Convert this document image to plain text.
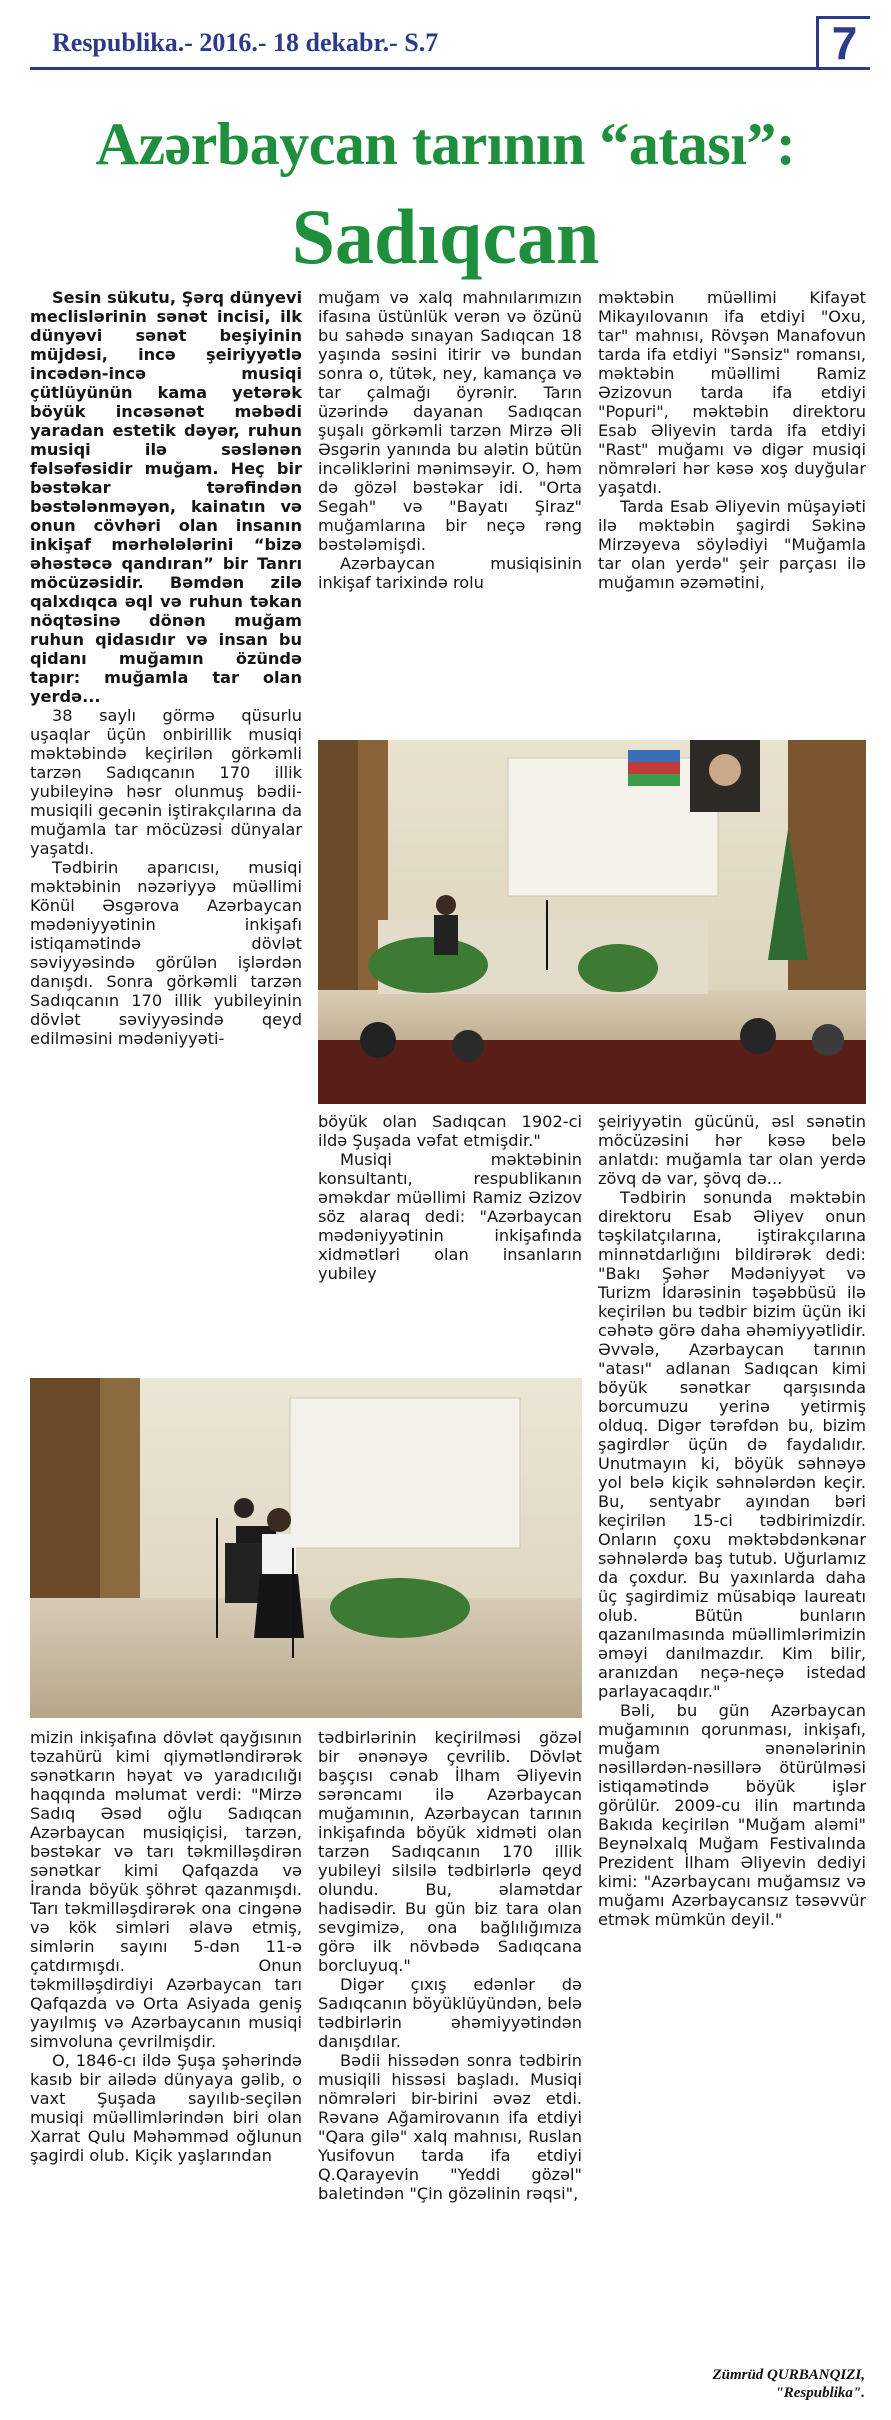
Respublika.- 2016.- 18 dekabr.- S.7	7
Azərbaycan tarının “atası”:
Sadıqcan

Sesin sükutu, Şərq dünyevi meclislərinin sənət incisi, ilk dünyəvi sənət beşiyinin müjdəsi, incə şeiriyyətlə incədən-incə musiqi çütlüyünün kama yetərək böyük incəsənət məbədi yaradan estetik dəyər, ruhun musiqi ilə səslənən fəlsəfəsidir muğam. Heç bir bəstəkar tərəfindən bəstələnməyən, kainatın və onun cövhəri olan insanın inkişaf mərhələlərini “bizə əhəstəcə qandıran” bir Tanrı möcüzəsidir. Bəmdən zilə qalxdıqca əql və ruhun təkan nöqtəsinə dönən muğam ruhun qidasıdır və insan bu qidanı muğamın özündə tapır: muğamla tar olan yerdə...

38 saylı görmə qüsurlu uşaqlar üçün onbirillik musiqi məktəbində keçirilən görkəmli tarzən Sadıqcanın 170 illik yubileyinə həsr olunmuş bədii-musiqili gecənin iştirakçılarına da muğamla tar möcüzəsi dünyalar yaşatdı.

Tədbirin aparıcısı, musiqi məktəbinin nəzəriyyə müəllimi Könül Əsgərova Azərbaycan mədəniyyətinin inkişafı istiqamətində dövlət səviyyəsində görülən işlərdən danışdı. Sonra görkəmli tarzən Sadıqcanın 170 illik yubileyinin dövlət səviyyəsində qeyd edilməsini mədəniyyəti-

muğam və xalq mahnılarımızın ifasına üstünlük verən və özünü bu sahədə sınayan Sadıqcan 18 yaşında səsini itirir və bundan sonra o, tütək, ney, kamança və tar çalmağı öyrənir. Tarın üzərində dayanan Sadıqcan şuşalı görkəmli tarzən Mirzə Əli Əsgərin yanında bu alətin bütün incəliklərini mənimsəyir. O, həm də gözəl bəstəkar idi. "Orta Segah" və "Bayatı Şiraz" muğamlarına bir neçə rəng bəstələmişdi.

Azərbaycan musiqisinin inkişaf tarixində rolu

məktəbin müəllimi Kifayət Mikayılovanın ifa etdiyi "Oxu, tar" mahnısı, Rövşən Manafovun tarda ifa etdiyi "Sənsiz" romansı, məktəbin müəllimi Ramiz Əzizovun tarda ifa etdiyi "Popuri", məktəbin direktoru Esab Əliyevin tarda ifa etdiyi "Rast" muğamı və digər musiqi nömrələri hər kəsə xoş duyğular yaşatdı.

Tarda Esab Əliyevin müşayiəti ilə məktəbin şagirdi Səkinə Mirzəyeva söylədiyi "Muğamla tar olan yerdə" şeir parçası ilə muğamın əzəmətini,

böyük olan Sadıqcan 1902-ci ildə Şuşada vəfat etmişdir."

Musiqi məktəbinin konsultantı, respublikanın əməkdar müəllimi Ramiz Əzizov söz alaraq dedi: "Azərbaycan mədəniyyətinin inkişafında xidmətləri olan insanların yubiley

şeiriyyətin gücünü, əsl sənətin möcüzəsini hər kəsə belə anlatdı: muğamla tar olan yerdə zövq də var, şövq də...

Tədbirin sonunda məktəbin direktoru Esab Əliyev onun təşkilatçılarına, iştirakçılarına minnətdarlığını bildirərək dedi: "Bakı Şəhər Mədəniyyət və Turizm İdarəsinin təşəbbüsü ilə keçirilən bu tədbir bizim üçün iki cəhətə görə daha əhəmiyyətlidir. Əvvələ, Azərbaycan tarının "atası" adlanan Sadıqcan kimi böyük sənətkar qarşısında borcumuzu yerinə yetirmiş olduq. Digər tərəfdən bu, bizim şagirdlər üçün də faydalıdır. Unutmayın ki, böyük səhnəyə yol belə kiçik səhnələrdən keçir. Bu, sentyabr ayından bəri keçirilən 15-ci tədbirimizdir. Onların çoxu məktəbdənkənar səhnələrdə baş tutub. Uğurlamız da çoxdur. Bu yaxınlarda daha üç şagirdimiz müsabiqə laureatı olub. Bütün bunların qazanılmasında müəllimlərimizin əməyi danılmazdır. Kim bilir, aranızdan neçə-neçə istedad parlayacaqdır."

Bəli, bu gün Azərbaycan muğamının qorunması, inkişafı, muğam ənənələrinin nəsillərdən-nəsillərə ötürülməsi istiqamətində böyük işlər görülür. 2009-cu ilin martında Bakıda keçirilən "Muğam aləmi" Beynəlxalq Muğam Festivalında Prezident İlham Əliyevin dediyi kimi: "Azərbaycanı muğamsız və muğamı Azərbaycansız təsəvvür etmək mümkün deyil."

mizin inkişafına dövlət qayğısının təzahürü kimi qiymətləndirərək sənətkarın həyat və yaradıcılığı haqqında məlumat verdi: "Mirzə Sadıq Əsəd oğlu Sadıqcan Azərbaycan musiqiçisi, tarzən, bəstəkar və tarı təkmilləşdirən sənətkar kimi Qafqazda və İranda böyük şöhrət qazanmışdı. Tarı təkmilləşdirərək ona cingənə və kök simləri əlavə etmiş, simlərin sayını 5-dən 11-ə çatdırmışdı. Onun təkmilləşdirdiyi Azərbaycan tarı Qafqazda və Orta Asiyada geniş yayılmış və Azərbaycanın musiqi simvoluna çevrilmişdir.

O, 1846-cı ildə Şuşa şəhərində kasıb bir ailədə dünyaya gəlib, o vaxt Şuşada sayılıb-seçilən musiqi müəllimlərindən biri olan Xarrat Qulu Məhəmməd oğlunun şagirdi olub. Kiçik yaşlarından

tədbirlərinin keçirilməsi gözəl bir ənənəyə çevrilib. Dövlət başçısı cənab İlham Əliyevin sərəncamı ilə Azərbaycan muğamının, Azərbaycan tarının inkişafında böyük xidməti olan tarzən Sadıqcanın 170 illik yubileyi silsilə tədbirlərlə qeyd olundu. Bu, əlamətdar hadisədir. Bu gün biz tara olan sevgimizə, ona bağlılığımıza görə ilk növbədə Sadıqcana borcluyuq."

Digər çıxış edənlər də Sadıqcanın böyüklüyündən, belə tədbirlərin əhəmiyyətindən danışdılar.

Bədii hissədən sonra tədbirin musiqili hissəsi başladı. Musiqi nömrələri bir-birini əvəz etdi. Rəvanə Ağamirovanın ifa etdiyi "Qara gilə" xalq mahnısı, Ruslan Yusifovun tarda ifa etdiyi Q.Qarayevin "Yeddi gözəl" baletindən "Çin gözəlinin rəqsi",

Zümrüd QURBANQIZI,
"Respublika".
